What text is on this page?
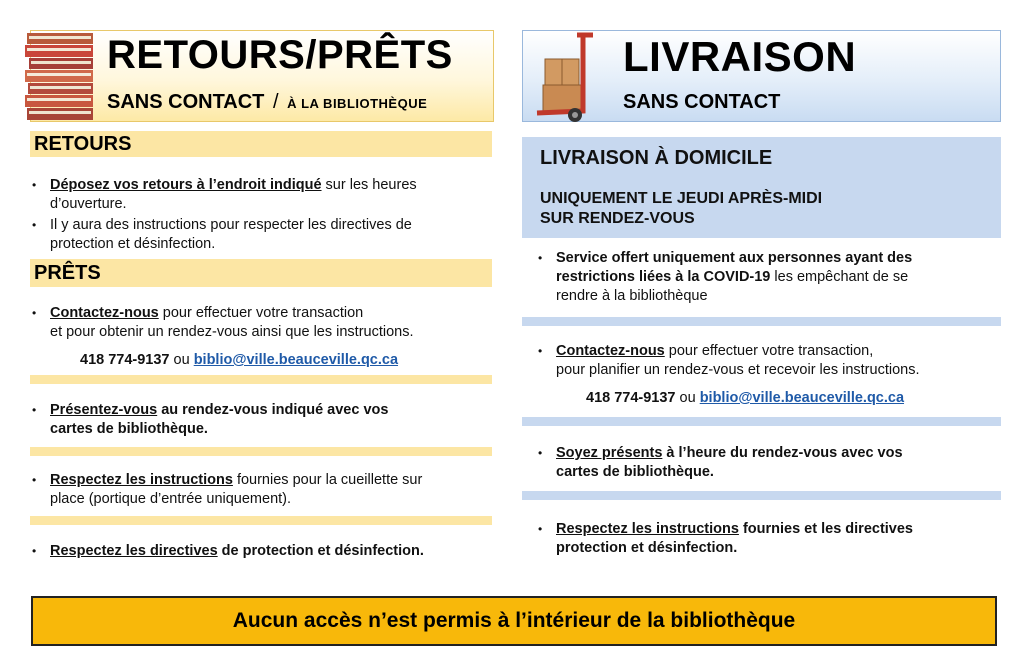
RETOURS/PRÊTS
SANS CONTACT / À LA BIBLIOTHÈQUE
LIVRAISON
SANS CONTACT
RETOURS
• Déposez vos retours à l’endroit indiqué sur les heures
d’ouverture.
• Il y aura des instructions pour respecter les directives de
protection et désinfection.
PRÊTS
• Contactez-nous pour effectuer votre transaction
et pour obtenir un rendez-vous ainsi que les instructions.
418 774-9137 ou biblio@ville.beauceville.qc.ca
• Présentez-vous au rendez-vous indiqué avec vos
cartes de bibliothèque.
• Respectez les instructions fournies pour la cueillette sur
place (portique d’entrée uniquement).
• Respectez les directives de protection et désinfection.
LIVRAISON À DOMICILE
UNIQUEMENT LE JEUDI APRÈS-MIDI
SUR RENDEZ-VOUS
• Service offert uniquement aux personnes ayant des
restrictions liées à la COVID-19 les empêchant de se
rendre à la bibliothèque
• Contactez-nous pour effectuer votre transaction,
pour planifier un rendez-vous et recevoir les instructions.
418 774-9137 ou biblio@ville.beauceville.qc.ca
• Soyez présents à l’heure du rendez-vous avec vos
cartes de bibliothèque.
• Respectez les instructions fournies et les directives
protection et désinfection.
Aucun accès n’est permis à l’intérieur de la bibliothèque
